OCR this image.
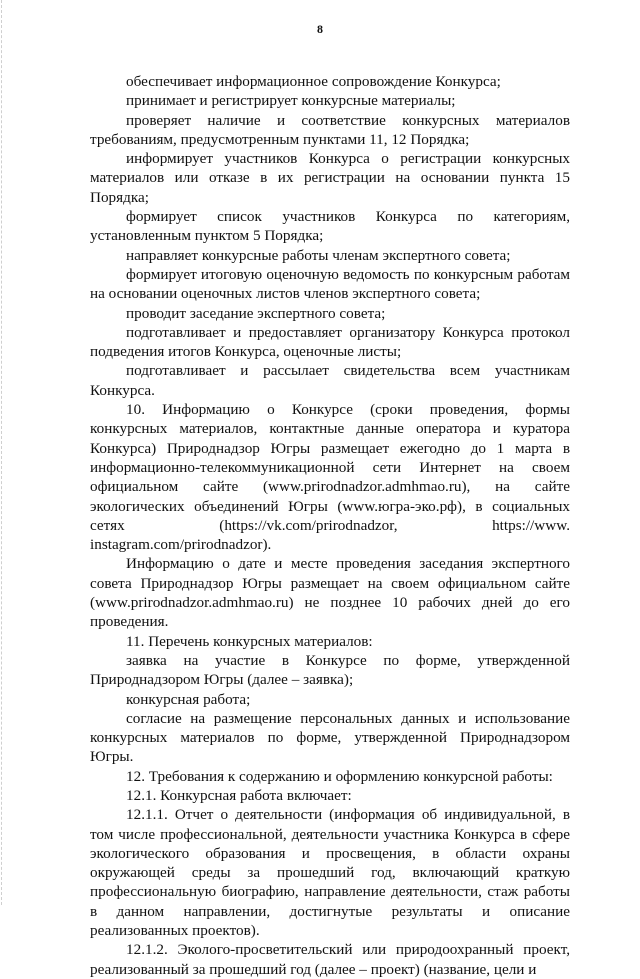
8

обеспечивает информационное сопровождение Конкурса;

принимает и регистрирует конкурсные материалы;

проверяет наличие и соответствие конкурсных материалов требованиям, предусмотренным пунктами 11, 12 Порядка;

информирует участников Конкурса о регистрации конкурсных материалов или отказе в их регистрации на основании пункта 15 Порядка;

формирует список участников Конкурса по категориям, установленным пунктом 5 Порядка;

направляет конкурсные работы членам экспертного совета;

формирует итоговую оценочную ведомость по конкурсным работам на основании оценочных листов членов экспертного совета;

проводит заседание экспертного совета;

подготавливает и предоставляет организатору Конкурса протокол подведения итогов Конкурса, оценочные листы;

подготавливает и рассылает свидетельства всем участникам Конкурса.

10. Информацию о Конкурсе (сроки проведения, формы конкурсных материалов, контактные данные оператора и куратора Конкурса) Природнадзор Югры размещает ежегодно до 1 марта в информационно-телекоммуникационной сети Интернет на своем официальном сайте (www.prirodnadzor.admhmao.ru), на сайте экологических объединений Югры (www.югра-эко.рф), в социальных сетях (https://vk.com/prirodnadzor, https://www. instagram.com/prirodnadzor).

Информацию о дате и месте проведения заседания экспертного совета Природнадзор Югры размещает на своем официальном сайте (www.prirodnadzor.admhmao.ru) не позднее 10 рабочих дней до его проведения.

11. Перечень конкурсных материалов:

заявка на участие в Конкурсе по форме, утвержденной Природнадзором Югры (далее – заявка);

конкурсная работа;

согласие на размещение персональных данных и использование конкурсных материалов по форме, утвержденной Природнадзором Югры.

12. Требования к содержанию и оформлению конкурсной работы:

12.1. Конкурсная работа включает:

12.1.1. Отчет о деятельности (информация об индивидуальной, в том числе профессиональной, деятельности участника Конкурса в сфере экологического образования и просвещения, в области охраны окружающей среды за прошедший год, включающий краткую профессиональную биографию, направление деятельности, стаж работы в данном направлении, достигнутые результаты и описание реализованных проектов).

12.1.2. Эколого-просветительский или природоохранный проект, реализованный за прошедший год (далее – проект) (название, цели и
